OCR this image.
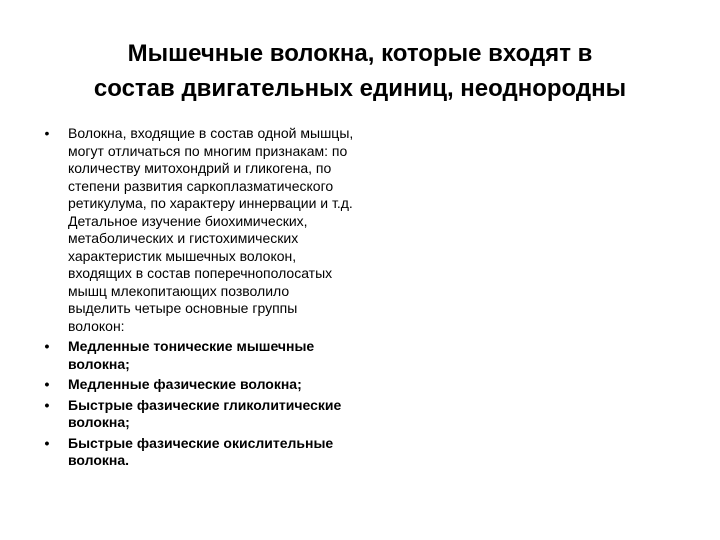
Мышечные волокна, которые входят в
состав двигательных единиц, неоднородны
•	Волокна, входящие в состав одной мышцы,
могут отличаться по многим признакам: по
количеству митохондрий и гликогена, по
степени развития саркоплазматического
ретикулума, по характеру иннервации и т.д.
Детальное изучение биохимических,
метаболических и гистохимических
характеристик мышечных волокон,
входящих в состав поперечнополосатых
мышц млекопитающих позволило
выделить четыре основные группы
волокон:
•	Медленные тонические мышечные
волокна;
•	Медленные фазические волокна;
•	Быстрые фазические гликолитические
волокна;
•	Быстрые фазические окислительные
волокна.
